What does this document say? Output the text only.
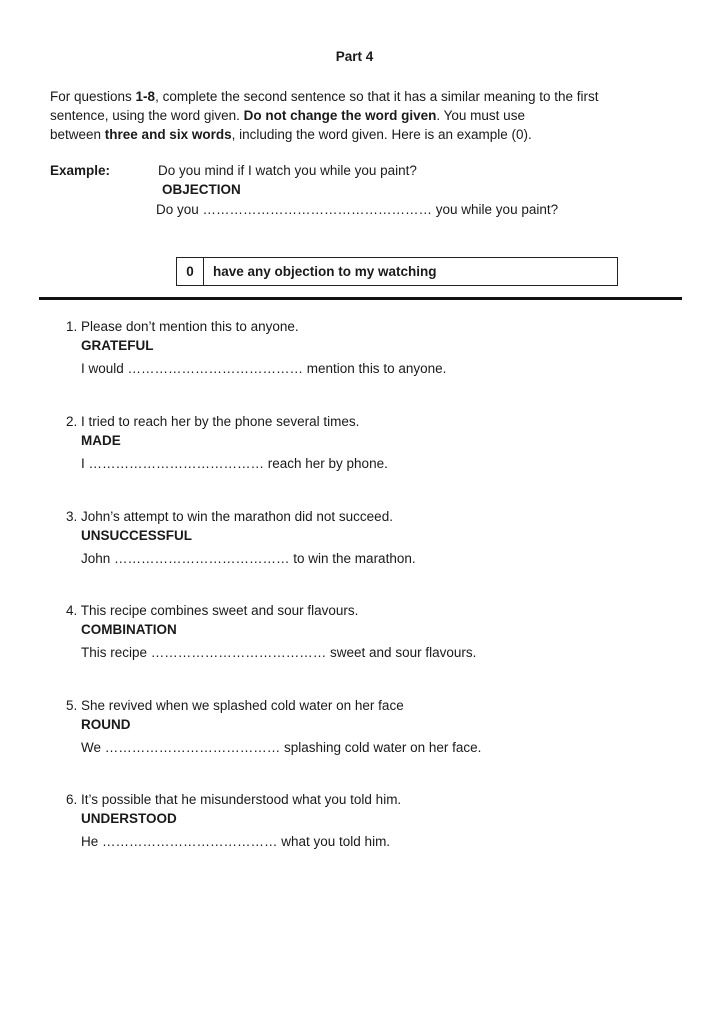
Part 4
For questions 1-8, complete the second sentence so that it has a similar meaning to the first
sentence, using the word given. Do not change the word given. You must use
between three and six words, including the word given. Here is an example (0).
Example:	Do you mind if I watch you while you paint?
OBJECTION
Do you …………………………………………… you while you paint?
0	have any objection to my watching
1. Please don’t mention this to anyone.
GRATEFUL
I would ………………………………… mention this to anyone.
2. I tried to reach her by the phone several times.
MADE
I ………………………………… reach her by phone.
3. John’s attempt to win the marathon did not succeed.
UNSUCCESSFUL
John ………………………………… to win the marathon.
4. This recipe combines sweet and sour flavours.
COMBINATION
This recipe ………………………………… sweet and sour flavours.
5. She revived when we splashed cold water on her face
ROUND
We ………………………………… splashing cold water on her face.
6. It’s possible that he misunderstood what you told him.
UNDERSTOOD
He ………………………………… what you told him.
